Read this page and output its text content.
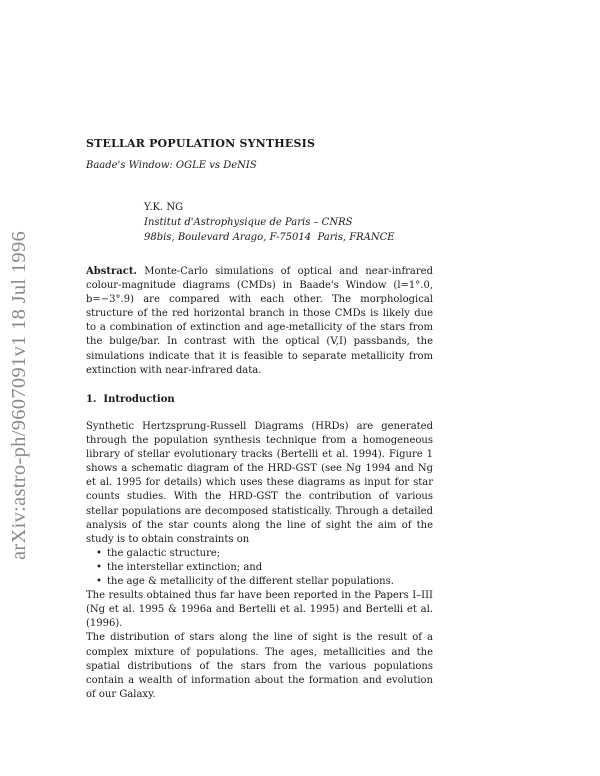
arXiv:astro-ph/9607091v1 18 Jul 1996
STELLAR POPULATION SYNTHESIS
Baade's Window: OGLE vs DeNIS
Y.K. NG
Institut d'Astrophysique de Paris – CNRS
98bis, Boulevard Arago, F-75014  Paris, FRANCE
Abstract. Monte-Carlo simulations of optical and near-infrared colour-magnitude diagrams (CMDs) in Baade's Window (l=1°.0, b=−3°.9) are compared with each other. The morphological structure of the red horizontal branch in those CMDs is likely due to a combination of extinction and age-metallicity of the stars from the bulge/bar. In contrast with the optical (V,I) passbands, the simulations indicate that it is feasible to separate metallicity from extinction with near-infrared data.
1. Introduction

Synthetic Hertzsprung-Russell Diagrams (HRDs) are generated through the population synthesis technique from a homogeneous library of stellar evolutionary tracks (Bertelli et al. 1994). Figure 1 shows a schematic diagram of the HRD-GST (see Ng 1994 and Ng et al. 1995 for details) which uses these diagrams as input for star counts studies. With the HRD-GST the contribution of various stellar populations are decomposed statistically. Through a detailed analysis of the star counts along the line of sight the aim of the study is to obtain constraints on

• the galactic structure;
• the interstellar extinction; and
• the age & metallicity of the different stellar populations.

The results obtained thus far have been reported in the Papers I–III (Ng et al. 1995 & 1996a and Bertelli et al. 1995) and Bertelli et al. (1996).

The distribution of stars along the line of sight is the result of a complex mixture of populations. The ages, metallicities and the spatial distributions of the stars from the various populations contain a wealth of information about the formation and evolution of our Galaxy.
